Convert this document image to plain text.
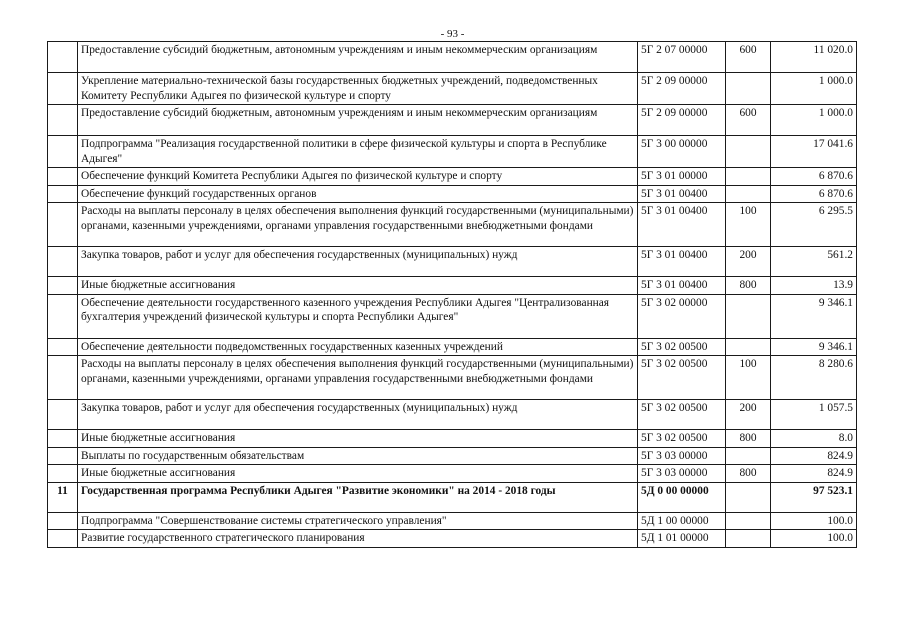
- 93 -
	Предоставление субсидий бюджетным, автономным учреждениям и иным некоммерческим организациям	5Г 2 07 00000	600	11 020.0
	Укрепление материально-технической базы государственных бюджетных учреждений, подведомственных Комитету Республики Адыгея по физической культуре и спорту	5Г 2 09 00000		1 000.0
	Предоставление субсидий бюджетным, автономным учреждениям и иным некоммерческим организациям	5Г 2 09 00000	600	1 000.0
	Подпрограмма "Реализация государственной политики в сфере физической культуры и спорта в Республике Адыгея"	5Г 3 00 00000		17 041.6
	Обеспечение функций Комитета Республики Адыгея по физической культуре и спорту	5Г 3 01 00000		6 870.6
	Обеспечение функций государственных органов	5Г 3 01 00400		6 870.6
	Расходы на выплаты персоналу в целях обеспечения выполнения функций государственными (муниципальными) органами, казенными учреждениями, органами управления государственными внебюджетными фондами	5Г 3 01 00400	100	6 295.5
	Закупка товаров, работ и услуг для обеспечения государственных (муниципальных) нужд	5Г 3 01 00400	200	561.2
	Иные бюджетные ассигнования	5Г 3 01 00400	800	13.9
	Обеспечение деятельности государственного казенного учреждения Республики Адыгея "Централизованная бухгалтерия учреждений физической культуры и спорта Республики Адыгея"	5Г 3 02 00000		9 346.1
	Обеспечение деятельности подведомственных государственных казенных учреждений	5Г 3 02 00500		9 346.1
	Расходы на выплаты персоналу в целях обеспечения выполнения функций государственными (муниципальными) органами, казенными учреждениями, органами управления государственными внебюджетными фондами	5Г 3 02 00500	100	8 280.6
	Закупка товаров, работ и услуг для обеспечения государственных (муниципальных) нужд	5Г 3 02 00500	200	1 057.5
	Иные бюджетные ассигнования	5Г 3 02 00500	800	8.0
	Выплаты по государственным обязательствам	5Г 3 03 00000		824.9
	Иные бюджетные ассигнования	5Г 3 03 00000	800	824.9
11	Государственная программа Республики Адыгея "Развитие экономики" на 2014 - 2018 годы	5Д 0 00 00000		97 523.1
	Подпрограмма "Совершенствование системы стратегического управления"	5Д 1 00 00000		100.0
	Развитие государственного стратегического планирования	5Д 1 01 00000		100.0
